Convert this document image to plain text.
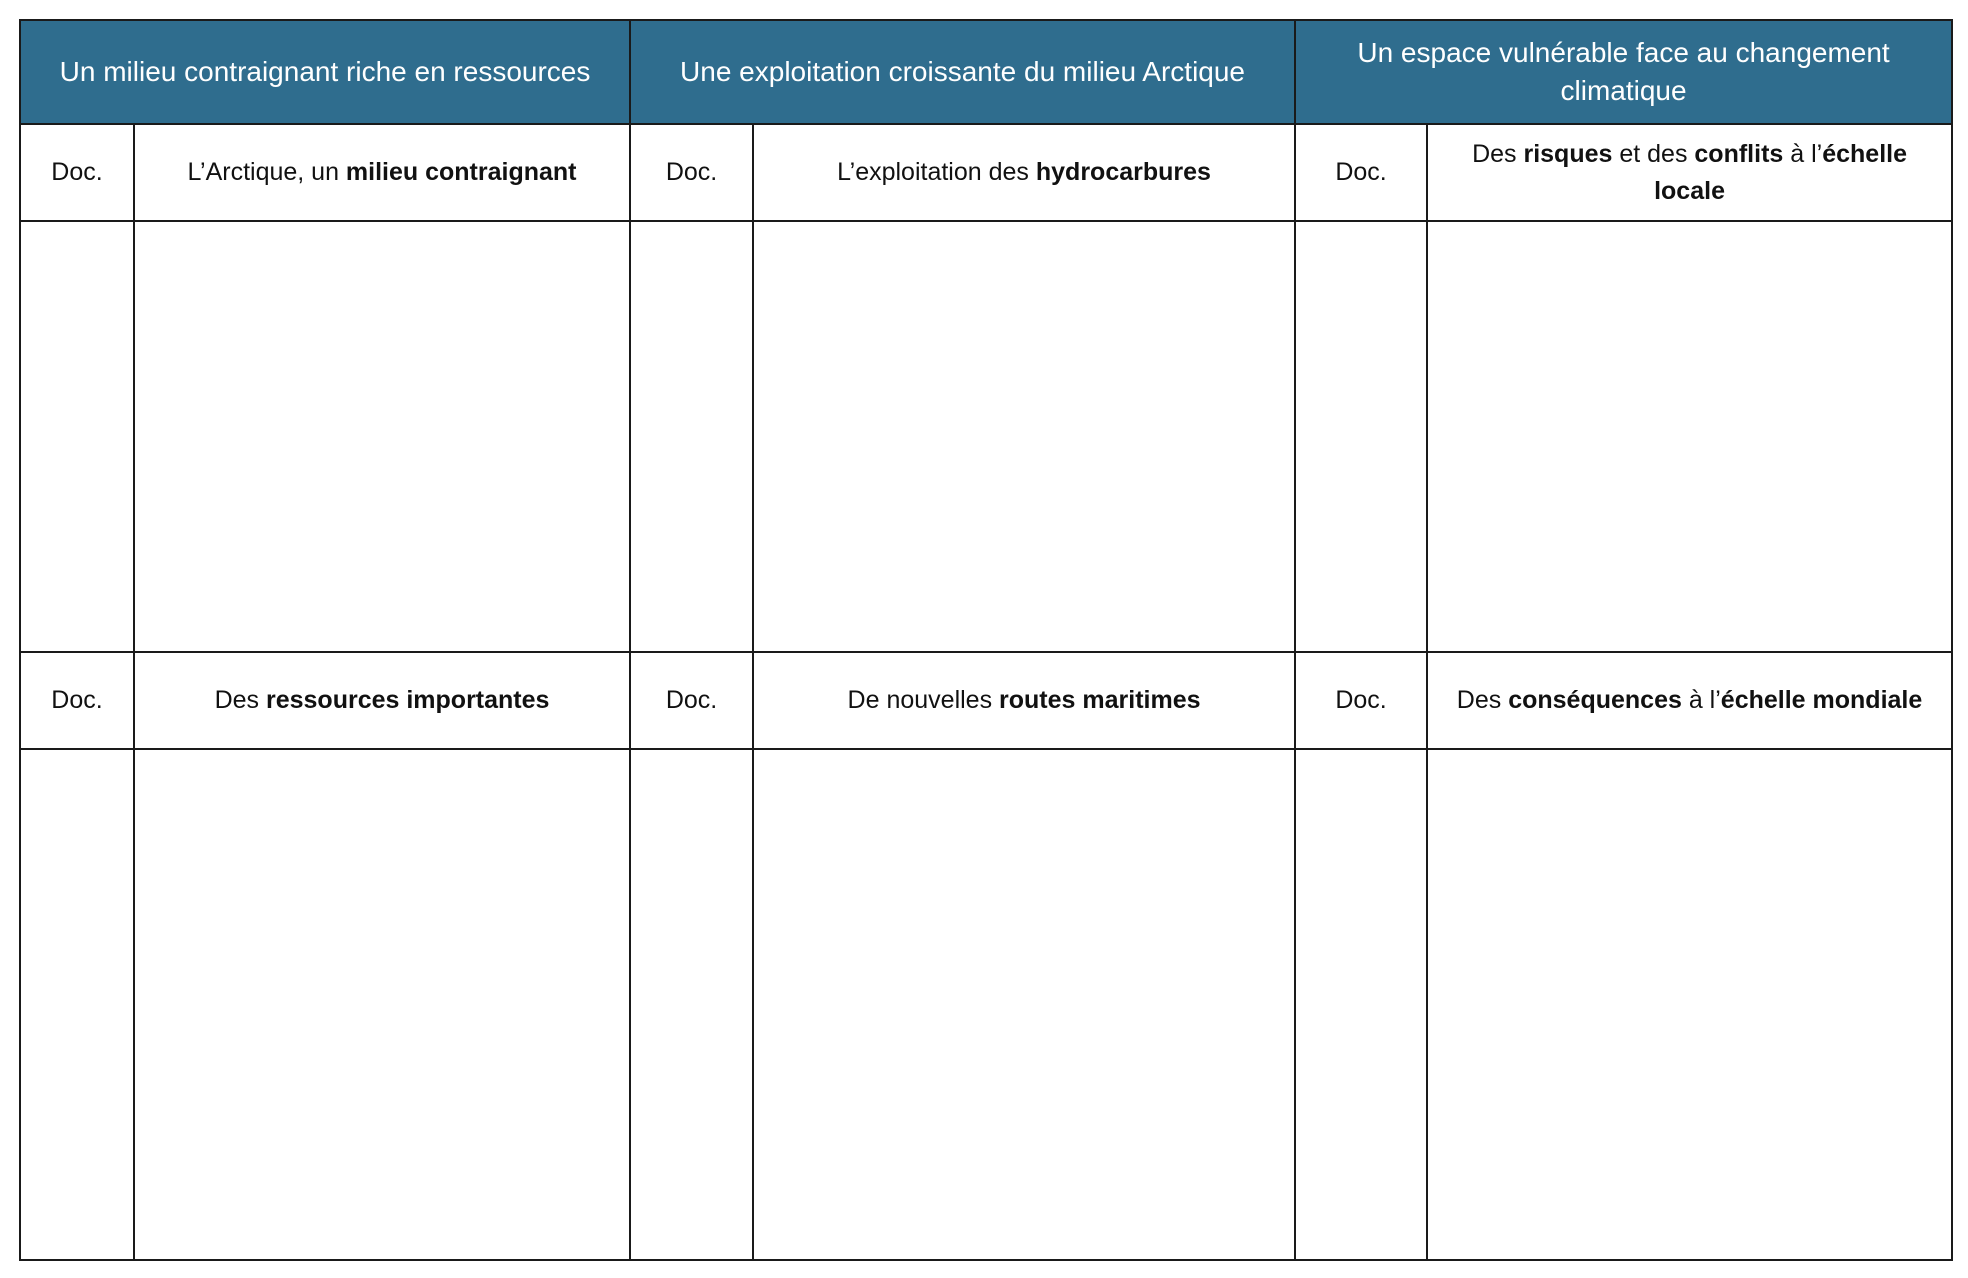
Un milieu contraignant riche en ressources		Une exploitation croissante du milieu Arctique		Un espace vulnérable face au changement climatique	
Doc.	L’Arctique, un milieu contraignant	Doc.	L’exploitation des hydrocarbures	Doc.	Des risques et des conflits à l’échelle locale

Doc.	Des ressources importantes	Doc.	De nouvelles routes maritimes	Doc.	Des conséquences à l’échelle mondiale
